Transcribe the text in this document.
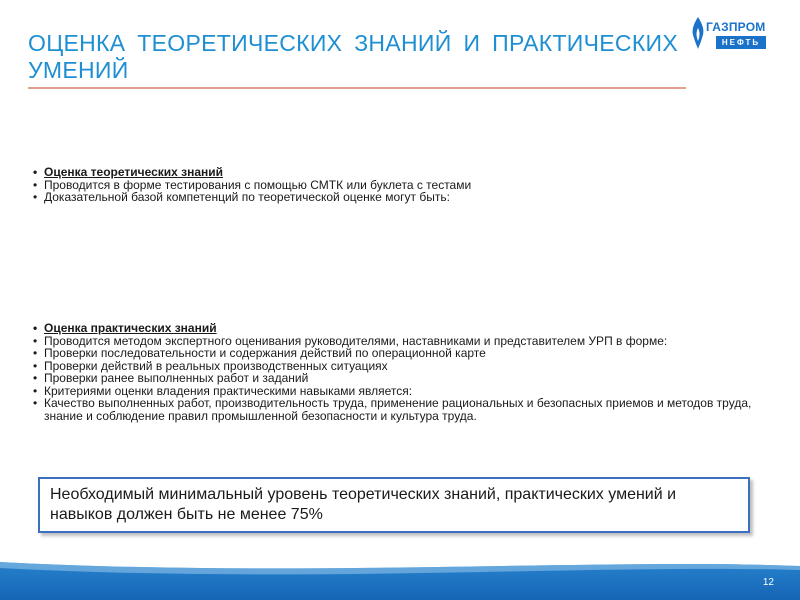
ОЦЕНКА ТЕОРЕТИЧЕСКИХ ЗНАНИЙ И ПРАКТИЧЕСКИХ УМЕНИЙ
ГАЗПРОМ
НЕФТЬ
• Оценка теоретических знаний
• Проводится в форме тестирования с помощью СМТК или буклета с тестами
• Доказательной базой компетенций по теоретической оценке могут быть:
• Оценка практических знаний
• Проводится методом экспертного оценивания руководителями, наставниками и представителем УРП в форме:
• Проверки последовательности и содержания действий по операционной карте
• Проверки действий в реальных производственных ситуациях
• Проверки ранее выполненных работ и заданий
• Критериями оценки владения практическими навыками является:
• Качество выполненных работ, производительность труда, применение рациональных и безопасных приемов и методов труда, знание и соблюдение правил промышленной безопасности и культура труда.
Необходимый минимальный уровень теоретических знаний, практических умений и навыков должен быть не менее 75%
12
